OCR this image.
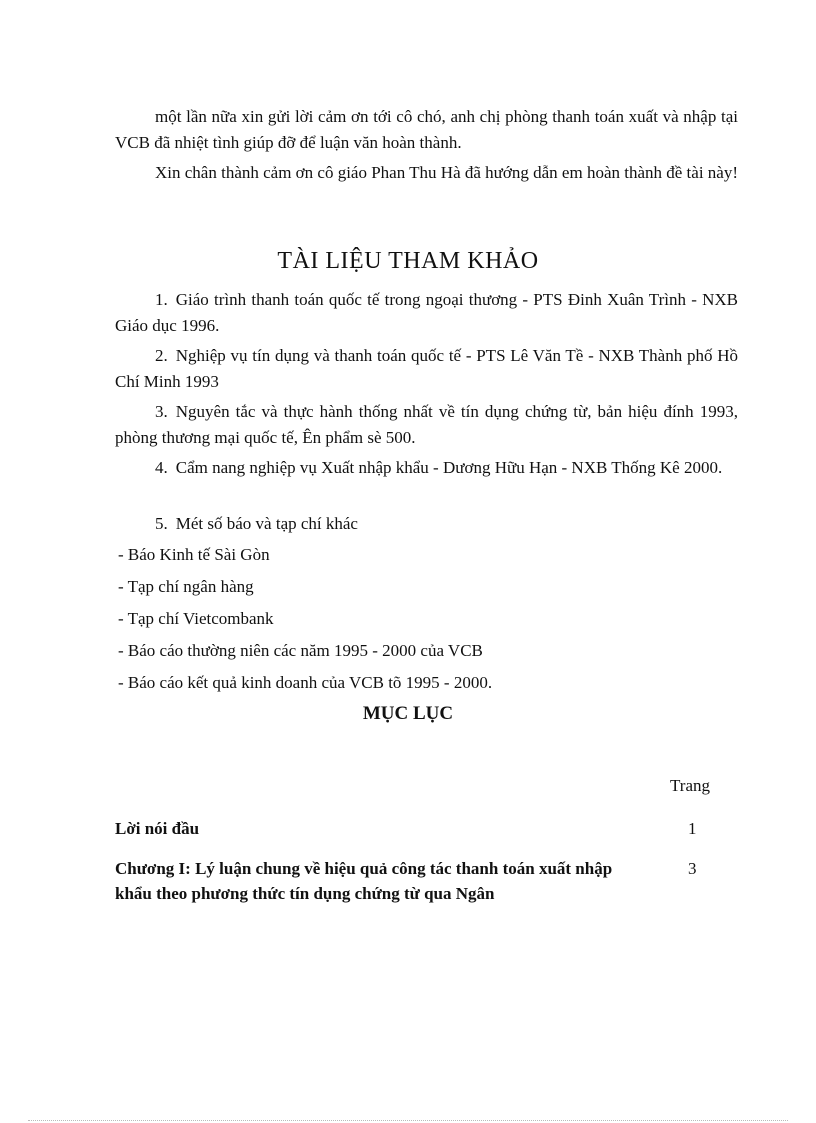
một lần nữa xin gửi lời cảm ơn tới cô chó, anh chị phòng thanh toán xuất và nhập tại VCB đã nhiệt tình giúp đỡ để luận văn hoàn thành.

Xin chân thành cảm ơn cô giáo Phan Thu Hà đã hướng dẫn em hoàn thành đề tài này!

TÀI LIỆU THAM KHẢO

1. Giáo trình thanh toán quốc tế trong ngoại thương - PTS Đinh Xuân Trình - NXB Giáo dục 1996.

2. Nghiệp vụ tín dụng và thanh toán quốc tế - PTS Lê Văn Tề - NXB Thành phố Hồ Chí Minh 1993

3. Nguyên tắc và thực hành thống nhất về tín dụng chứng từ, bản hiệu đính 1993, phòng thương mại quốc tế, Ên phẩm sè 500.

4. Cẩm nang nghiệp vụ Xuất nhập khẩu - Dương Hữu Hạn - NXB Thống Kê 2000.

5. Mét số báo và tạp chí khác

- Báo Kinh tế Sài Gòn

- Tạp chí ngân hàng

- Tạp chí Vietcombank

- Báo cáo thường niên các năm 1995 - 2000 của VCB

- Báo cáo kết quả kinh doanh của VCB tõ 1995 - 2000.

MỤC LỤC

Trang

Lời nói đầu	1

Chương I: Lý luận chung về hiệu quả công tác thanh toán xuất nhập khẩu theo phương thức tín dụng chứng từ qua Ngân

3
